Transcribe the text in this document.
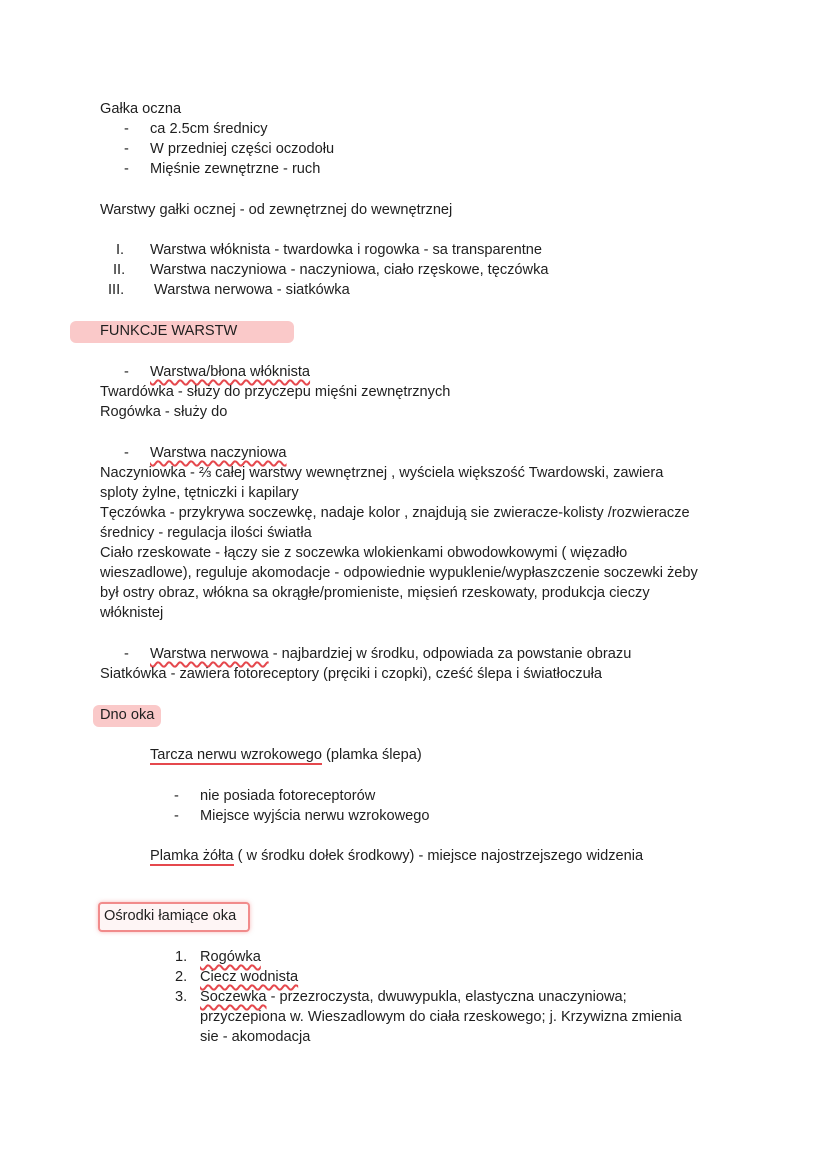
Gałka oczna
- ca 2.5cm średnicy
- W przedniej części oczodołu
- Mięśnie zewnętrzne - ruch
Warstwy gałki ocznej - od zewnętrznej do wewnętrznej
I. Warstwa włóknista - twardowka i rogowka - sa transparentne
II. Warstwa naczyniowa - naczyniowa, ciało rzęskowe, tęczówka
III. Warstwa nerwowa - siatkówka
FUNKCJE WARSTW
- Warstwa/błona włóknista
Twardówka - służy do przyczepu mięśni zewnętrznych
Rogówka - służy do
- Warstwa naczyniowa
Naczyniowka - ⅔ całej warstwy wewnętrznej , wyściela większość Twardowski, zawiera
sploty żylne, tętniczki i kapilary
Tęczówka - przykrywa soczewkę, nadaje kolor , znajdują sie zwieracze-kolisty /rozwieracze
średnicy - regulacja ilości światła
Ciało rzeskowate - łączy sie z soczewka wlokienkami obwodowkowymi ( więzadło
wieszadlowe), reguluje akomodacje - odpowiednie wypuklenie/wypłaszczenie soczewki żeby
był ostry obraz, włókna sa okrągłe/promieniste, mięsień rzeskowaty, produkcja cieczy
włóknistej
- Warstwa nerwowa - najbardziej w środku, odpowiada za powstanie obrazu
Siatkówka - zawiera fotoreceptory (pręciki i czopki), cześć ślepa i światłoczuła
Dno oka
Tarcza nerwu wzrokowego (plamka ślepa)
- nie posiada fotoreceptorów
- Miejsce wyjścia nerwu wzrokowego
Plamka żółta ( w środku dołek środkowy) - miejsce najostrzejszego widzenia
Ośrodki łamiące oka
1. Rogówka
2. Ciecz wodnista
3. Soczewka - przezroczysta, dwuwypukla, elastyczna unaczyniowa;
przyczepiona w. Wieszadlowym do ciała rzeskowego; j. Krzywizna zmienia
sie - akomodacja
